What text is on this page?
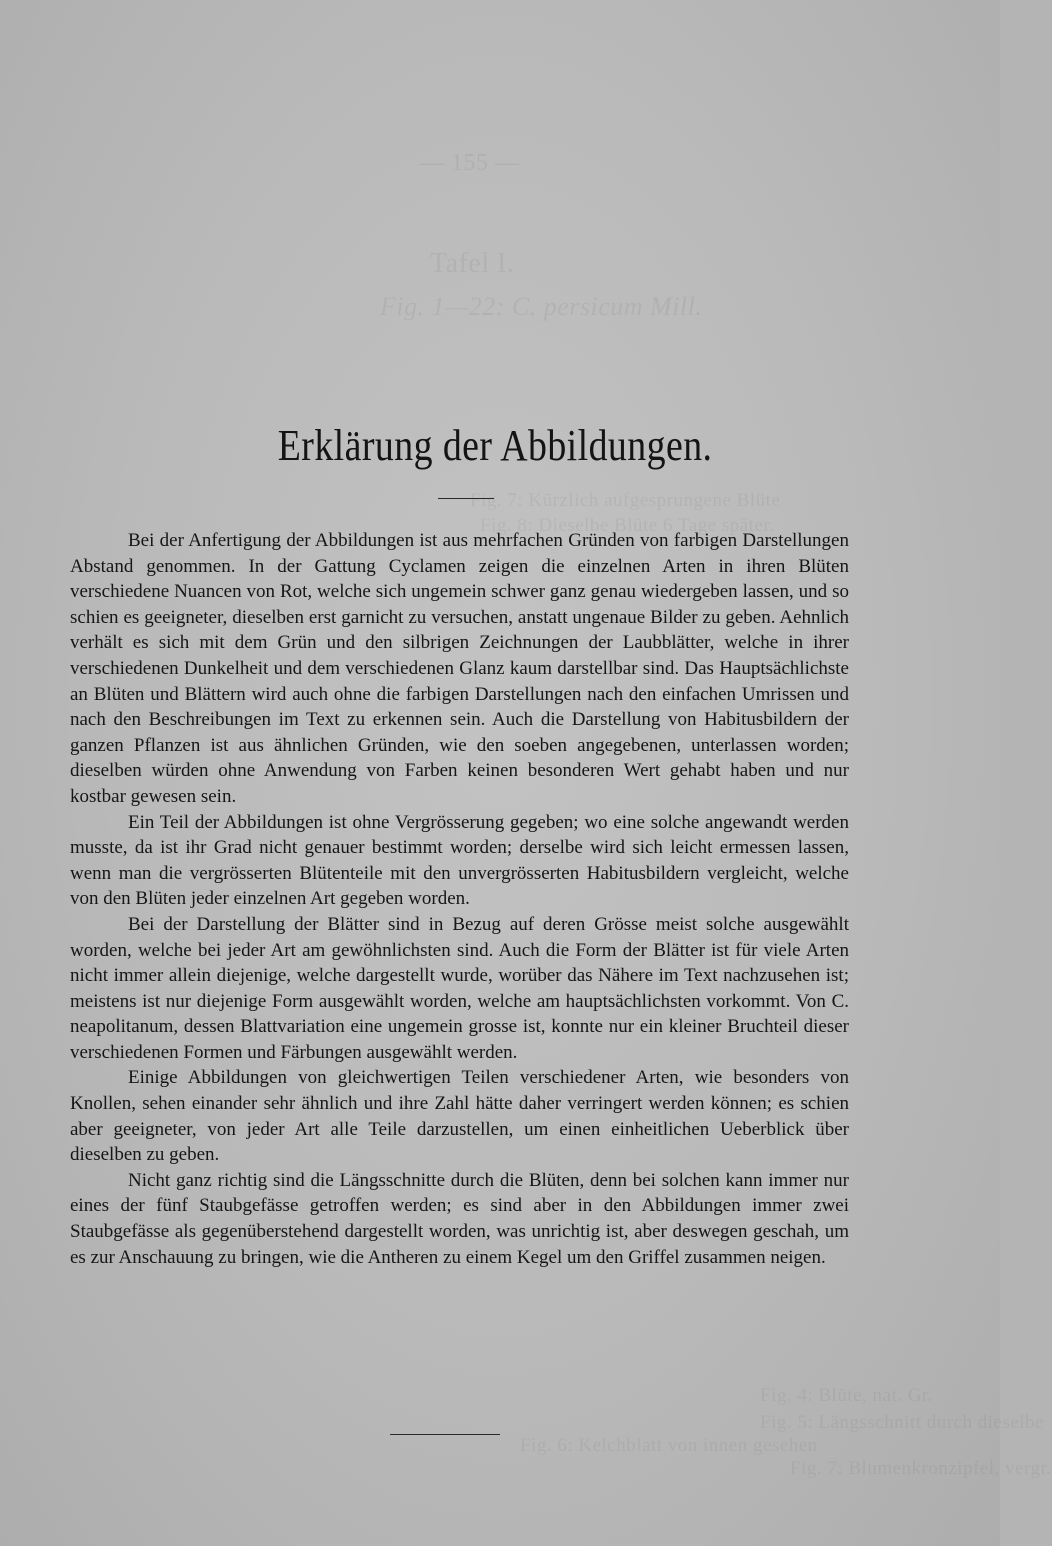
— 155 —
Tafel I.
Fig. 1—22: C. persicum Mill.
Fig. 7: Kürzlich aufgesprungene Blüte
Fig. 8: Dieselbe Blüte 6 Tage später.
Fig. 4: Blüte, nat. Gr.
Fig. 5: Längsschnitt durch dieselbe
Fig. 7: Blumenkronzipfel, vergr.
Fig. 6: Kelchblatt von innen gesehen
Erklärung der Abbildungen.

Bei der Anfertigung der Abbildungen ist aus mehrfachen Gründen von farbigen Darstellungen Abstand genommen. In der Gattung Cyclamen zeigen die einzelnen Arten in ihren Blüten verschiedene Nuancen von Rot, welche sich ungemein schwer ganz genau wiedergeben lassen, und so schien es geeigneter, dieselben erst garnicht zu versuchen, anstatt ungenaue Bilder zu geben. Aehnlich verhält es sich mit dem Grün und den silbrigen Zeichnungen der Laubblätter, welche in ihrer verschiedenen Dunkelheit und dem verschiedenen Glanz kaum darstellbar sind. Das Hauptsächlichste an Blüten und Blättern wird auch ohne die farbigen Darstellungen nach den einfachen Umrissen und nach den Beschreibungen im Text zu erkennen sein. Auch die Darstellung von Habitusbildern der ganzen Pflanzen ist aus ähnlichen Gründen, wie den soeben angegebenen, unterlassen worden; dieselben würden ohne Anwendung von Farben keinen besonderen Wert gehabt haben und nur kostbar gewesen sein.

Ein Teil der Abbildungen ist ohne Vergrösserung gegeben; wo eine solche angewandt werden musste, da ist ihr Grad nicht genauer bestimmt worden; derselbe wird sich leicht ermessen lassen, wenn man die vergrösserten Blütenteile mit den unvergrösserten Habitusbildern vergleicht, welche von den Blüten jeder einzelnen Art gegeben worden.

Bei der Darstellung der Blätter sind in Bezug auf deren Grösse meist solche ausgewählt worden, welche bei jeder Art am gewöhnlichsten sind. Auch die Form der Blätter ist für viele Arten nicht immer allein diejenige, welche dargestellt wurde, worüber das Nähere im Text nachzusehen ist; meistens ist nur diejenige Form ausgewählt worden, welche am hauptsächlichsten vorkommt. Von C. neapolitanum, dessen Blattvariation eine ungemein grosse ist, konnte nur ein kleiner Bruchteil dieser verschiedenen Formen und Färbungen ausgewählt werden.

Einige Abbildungen von gleichwertigen Teilen verschiedener Arten, wie besonders von Knollen, sehen einander sehr ähnlich und ihre Zahl hätte daher verringert werden können; es schien aber geeigneter, von jeder Art alle Teile darzustellen, um einen einheitlichen Ueberblick über dieselben zu geben.

Nicht ganz richtig sind die Längsschnitte durch die Blüten, denn bei solchen kann immer nur eines der fünf Staubgefässe getroffen werden; es sind aber in den Abbildungen immer zwei Staubgefässe als gegenüberstehend dargestellt worden, was unrichtig ist, aber deswegen geschah, um es zur Anschauung zu bringen, wie die Antheren zu einem Kegel um den Griffel zusammen neigen.
